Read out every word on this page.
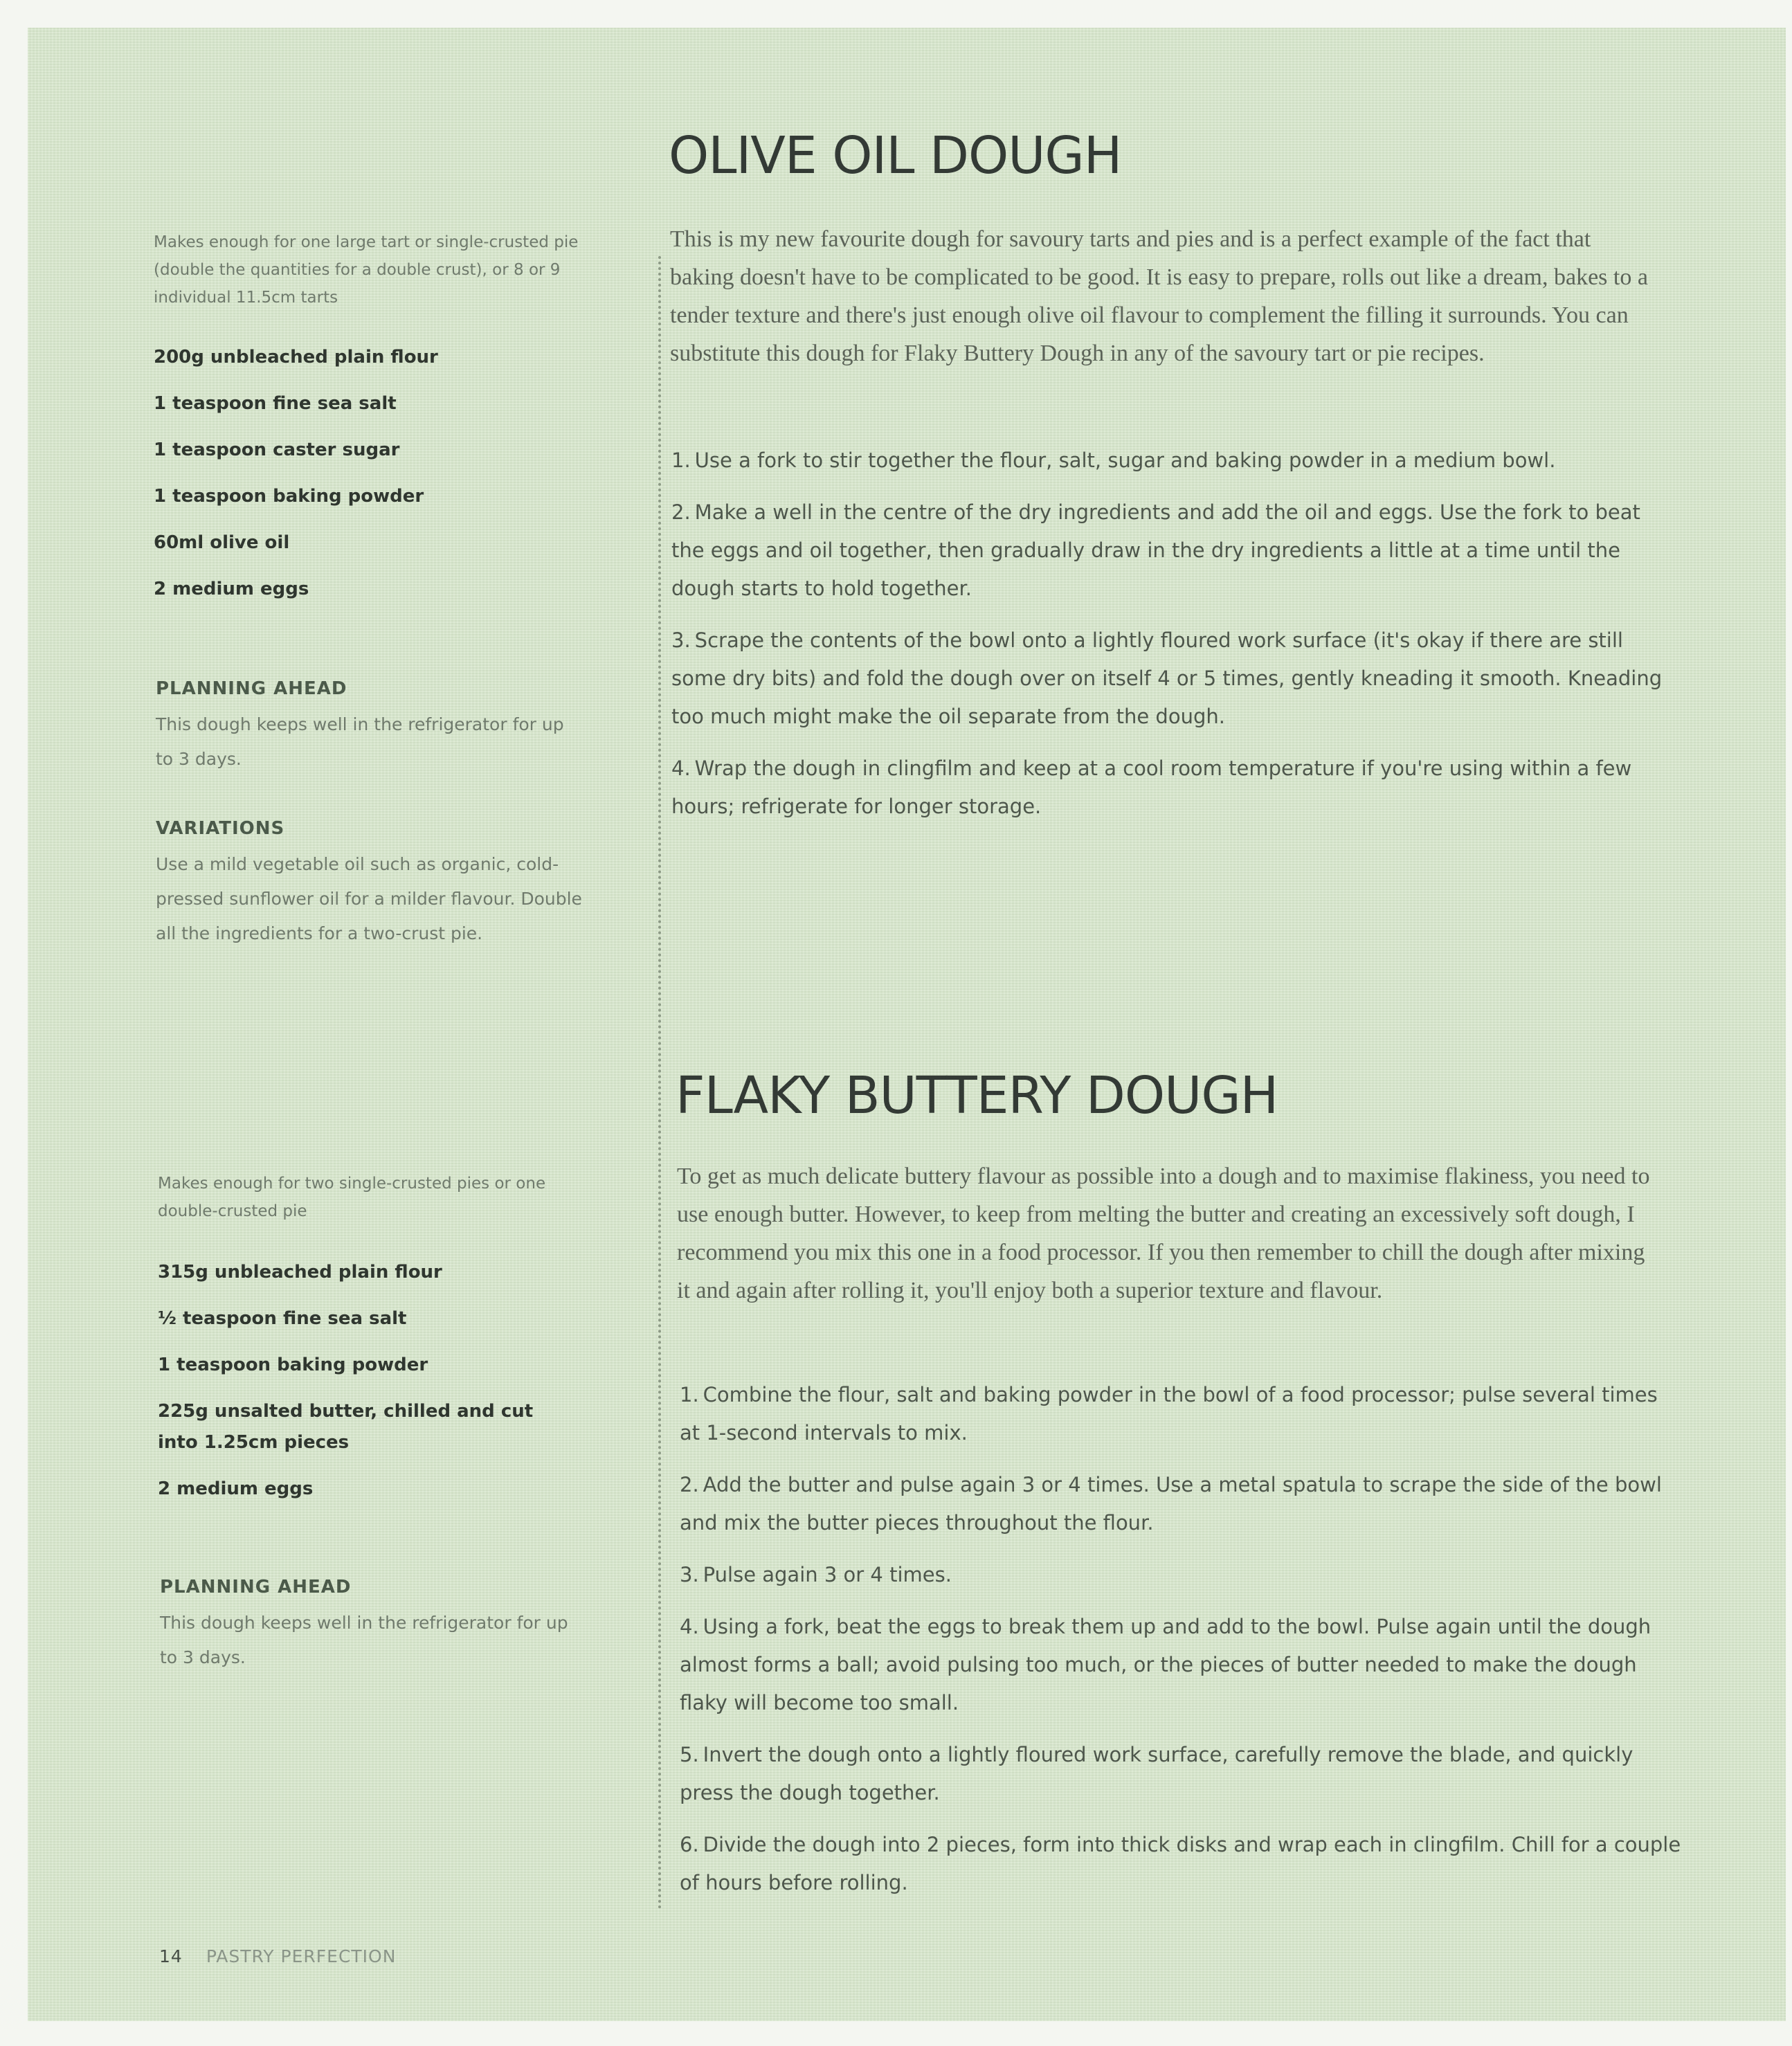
OLIVE OIL DOUGH

This is my new favourite dough for savoury tarts and pies and is a perfect example of the fact that baking doesn't have to be complicated to be good. It is easy to prepare, rolls out like a dream, bakes to a tender texture and there's just enough olive oil flavour to complement the filling it surrounds. You can substitute this dough for Flaky Buttery Dough in any of the savoury tart or pie recipes.

1. Use a fork to stir together the flour, salt, sugar and baking powder in a medium bowl.
2. Make a well in the centre of the dry ingredients and add the oil and eggs. Use the fork to beat the eggs and oil together, then gradually draw in the dry ingredients a little at a time until the dough starts to hold together.
3. Scrape the contents of the bowl onto a lightly floured work surface (it's okay if there are still some dry bits) and fold the dough over on itself 4 or 5 times, gently kneading it smooth. Kneading too much might make the oil separate from the dough.
4. Wrap the dough in clingfilm and keep at a cool room temperature if you're using within a few hours; refrigerate for longer storage.

Makes enough for one large tart or single-crusted pie (double the quantities for a double crust), or 8 or 9 individual 11.5cm tarts

200g unbleached plain flour
1 teaspoon fine sea salt
1 teaspoon caster sugar
1 teaspoon baking powder
60ml olive oil
2 medium eggs
PLANNING AHEAD

This dough keeps well in the refrigerator for up to 3 days.

VARIATIONS

Use a mild vegetable oil such as organic, cold-pressed sunflower oil for a milder flavour. Double all the ingredients for a two-crust pie.

FLAKY BUTTERY DOUGH

To get as much delicate buttery flavour as possible into a dough and to maximise flakiness, you need to use enough butter. However, to keep from melting the butter and creating an excessively soft dough, I recommend you mix this one in a food processor. If you then remember to chill the dough after mixing it and again after rolling it, you'll enjoy both a superior texture and flavour.

1. Combine the flour, salt and baking powder in the bowl of a food processor; pulse several times at 1-second intervals to mix.
2. Add the butter and pulse again 3 or 4 times. Use a metal spatula to scrape the side of the bowl and mix the butter pieces throughout the flour.
3. Pulse again 3 or 4 times.
4. Using a fork, beat the eggs to break them up and add to the bowl. Pulse again until the dough almost forms a ball; avoid pulsing too much, or the pieces of butter needed to make the dough flaky will become too small.
5. Invert the dough onto a lightly floured work surface, carefully remove the blade, and quickly press the dough together.
6. Divide the dough into 2 pieces, form into thick disks and wrap each in clingfilm. Chill for a couple of hours before rolling.

Makes enough for two single-crusted pies or one double-crusted pie

315g unbleached plain flour
½ teaspoon fine sea salt
1 teaspoon baking powder
225g unsalted butter, chilled and cut into 1.25cm pieces
2 medium eggs
PLANNING AHEAD

This dough keeps well in the refrigerator for up to 3 days.

14 PASTRY PERFECTION
